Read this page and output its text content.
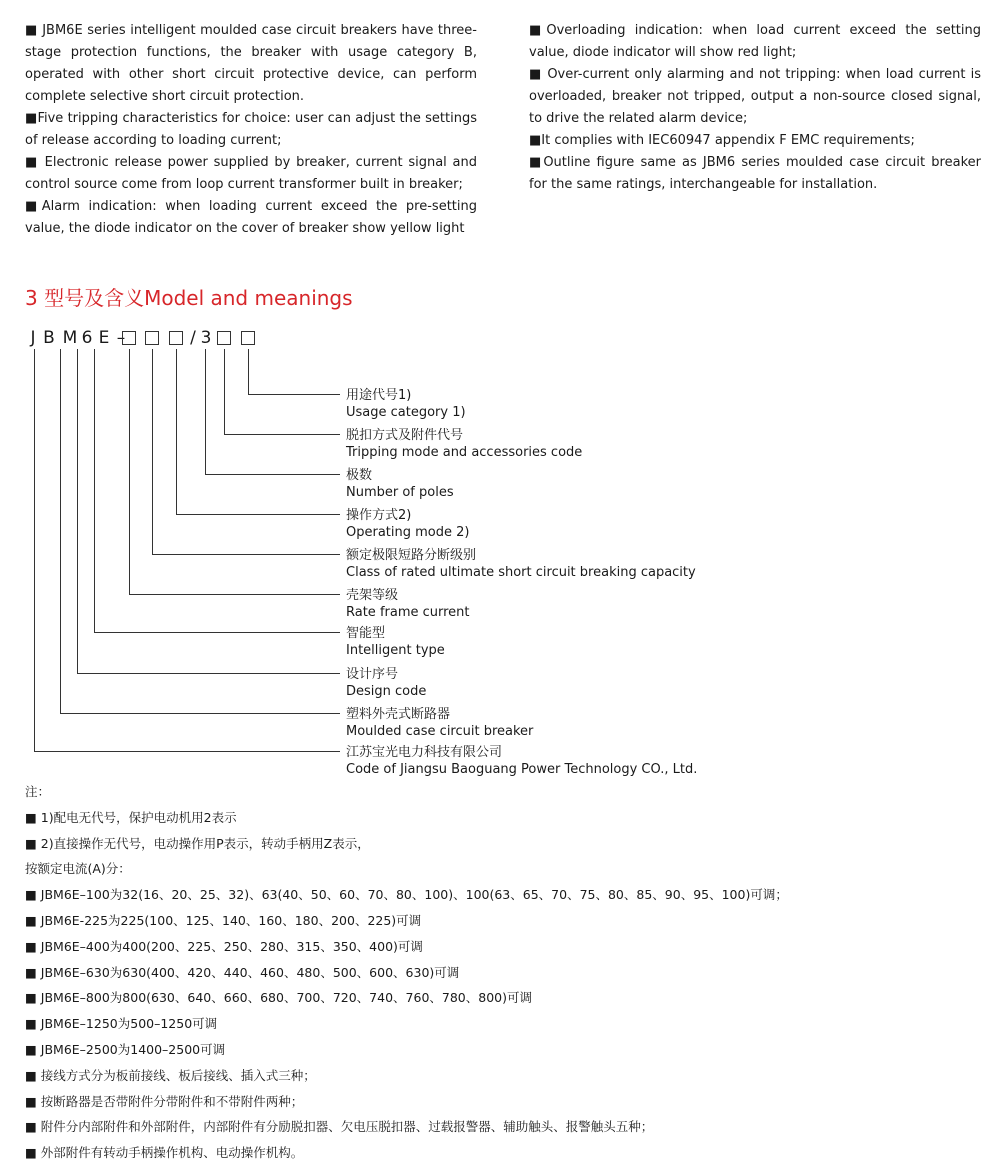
■ JBM6E series intelligent moulded case circuit breakers have three-stage protection functions, the breaker with usage category B, operated with other short circuit protective device, can perform complete selective short circuit protection.

■Five tripping characteristics for choice: user can adjust the settings of release according to loading current;

■ Electronic release power supplied by breaker, current signal and control source come from loop current transformer built in breaker;

■Alarm indication: when loading current exceed the pre-setting value, the diode indicator on the cover of breaker show yellow light

■Overloading indication: when load current exceed the setting value, diode indicator will show red light;

■ Over-current only alarming and not tripping: when load current is overloaded, breaker not tripped, output a non-source closed signal, to drive the related alarm device;

■It complies with IEC60947 appendix F EMC requirements;

■Outline figure same as JBM6 series moulded case circuit breaker for the same ratings, interchangeable for installation.

3 型号及含义Model and meanings
J B M 6 E –	/ 3
用途代号1)
Usage category 1)
脱扣方式及附件代号
Tripping mode and accessories code
极数
Number of poles
操作方式2)
Operating mode 2)
额定极限短路分断级别
Class of rated ultimate short circuit breaking capacity
壳架等级
Rate frame current
智能型
Intelligent type
设计序号
Design code
塑料外壳式断路器
Moulded case circuit breaker
江苏宝光电力科技有限公司
Code of Jiangsu Baoguang Power Technology CO., Ltd.
注：
■ 1)配电无代号，保护电动机用2表示
■ 2)直接操作无代号，电动操作用P表示，转动手柄用Z表示，
按额定电流(A)分：
■ JBM6E–100为32(16、20、25、32)、63(40、50、60、70、80、100)、100(63、65、70、75、80、85、90、95、100)可调；
■ JBM6E-225为225(100、125、140、160、180、200、225)可调
■ JBM6E–400为400(200、225、250、280、315、350、400)可调
■ JBM6E–630为630(400、420、440、460、480、500、600、630)可调
■ JBM6E–800为800(630、640、660、680、700、720、740、760、780、800)可调
■ JBM6E–1250为500–1250可调
■ JBM6E–2500为1400–2500可调
■ 接线方式分为板前接线、板后接线、插入式三种；
■ 按断路器是否带附件分带附件和不带附件两种；
■ 附件分内部附件和外部附件，内部附件有分励脱扣器、欠电压脱扣器、过载报警器、辅助触头、报警触头五种；
■ 外部附件有转动手柄操作机构、电动操作机构。
